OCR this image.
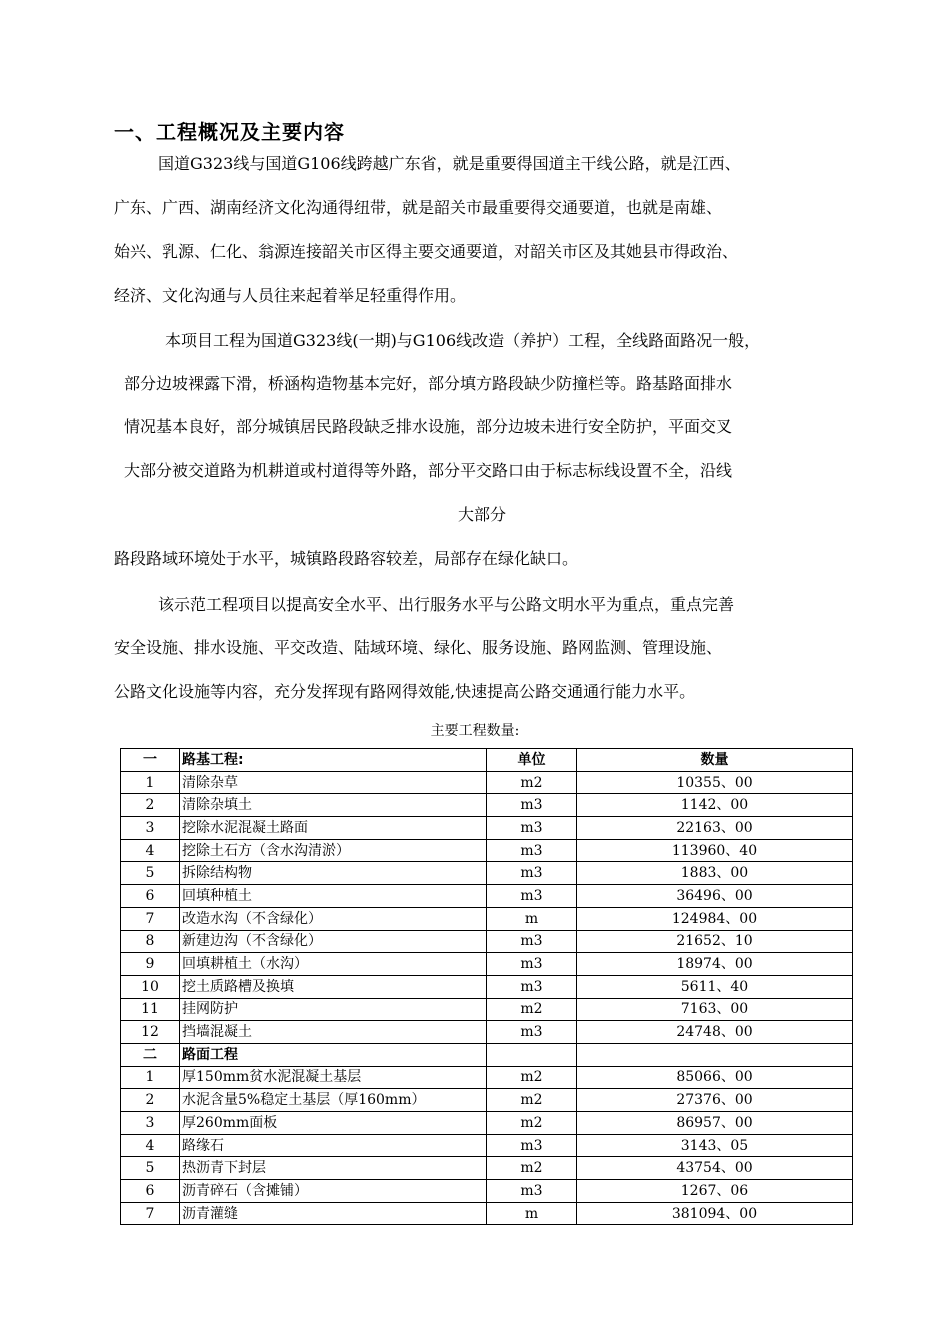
一、工程概况及主要内容
国道G323线与国道G106线跨越广东省，就是重要得国道主干线公路，就是江西、
广东、广西、湖南经济文化沟通得纽带，就是韶关市最重要得交通要道，也就是南雄、
始兴、乳源、仁化、翁源连接韶关市区得主要交通要道，对韶关市区及其她县市得政治、
经济、文化沟通与人员往来起着举足轻重得作用。
本项目工程为国道G323线(一期)与G106线改造（养护）工程，全线路面路况一般，
部分边坡裸露下滑，桥涵构造物基本完好，部分填方路段缺少防撞栏等。路基路面排水
情况基本良好，部分城镇居民路段缺乏排水设施，部分边坡未进行安全防护，平面交叉
大部分被交道路为机耕道或村道得等外路，部分平交路口由于标志标线设置不全，沿线
大部分
路段路域环境处于水平，城镇路段路容较差，局部存在绿化缺口。
该示范工程项目以提高安全水平、出行服务水平与公路文明水平为重点，重点完善
安全设施、排水设施、平交改造、陆域环境、绿化、服务设施、路网监测、管理设施、
公路文化设施等内容，充分发挥现有路网得效能,快速提高公路交通通行能力水平。
主要工程数量:
一	路基工程:	单位	数量
1	清除杂草	m2	10355、00
2	清除杂填土	m3	1142、00
3	挖除水泥混凝土路面	m3	22163、00
4	挖除土石方（含水沟清淤）	m3	113960、40
5	拆除结构物	m3	1883、00
6	回填种植土	m3	36496、00
7	改造水沟（不含绿化）	m	124984、00
8	新建边沟（不含绿化）	m3	21652、10
9	回填耕植土（水沟）	m3	18974、00
10	挖土质路槽及换填	m3	5611、40
11	挂网防护	m2	7163、00
12	挡墙混凝土	m3	24748、00
二	路面工程		
1	厚150mm贫水泥混凝土基层	m2	85066、00
2	水泥含量5%稳定土基层（厚160mm）	m2	27376、00
3	厚260mm面板	m2	86957、00
4	路缘石	m3	3143、05
5	热沥青下封层	m2	43754、00
6	沥青碎石（含摊铺）	m3	1267、06
7	沥青灌缝	m	381094、00
